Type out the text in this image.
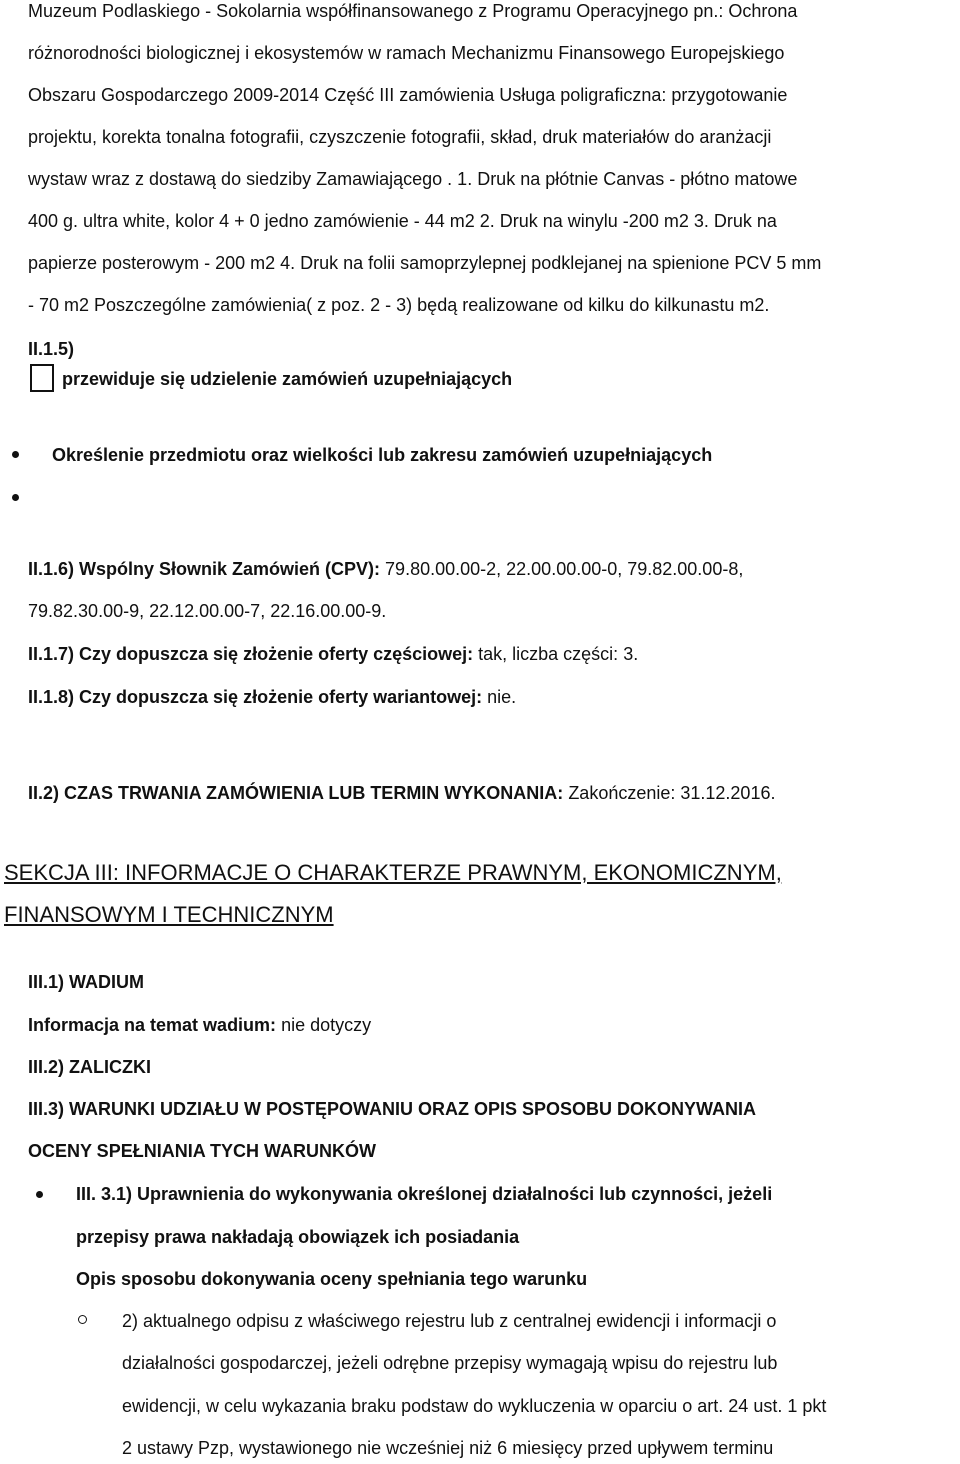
Muzeum Podlaskiego - Sokolarnia współfinansowanego z Programu Operacyjnego pn.: Ochrona
różnorodności biologicznej i ekosystemów w ramach Mechanizmu Finansowego Europejskiego
Obszaru Gospodarczego 2009-2014 Część III zamówienia Usługa poligraficzna: przygotowanie
projektu, korekta tonalna fotografii, czyszczenie fotografii, skład, druk materiałów do aranżacji
wystaw wraz z dostawą do siedziby Zamawiającego . 1. Druk na płótnie Canvas - płótno matowe
400 g. ultra white, kolor 4 + 0 jedno zamówienie - 44 m2 2. Druk na winylu -200 m2 3. Druk na
papierze posterowym - 200 m2 4. Druk na folii samoprzylepnej podklejanej na spienione PCV 5 mm
- 70 m2 Poszczególne zamówienia( z poz. 2 - 3) będą realizowane od kilku do kilkunastu m2.
II.1.5)
przewiduje się udzielenie zamówień uzupełniających
Określenie przedmiotu oraz wielkości lub zakresu zamówień uzupełniających
II.1.6) Wspólny Słownik Zamówień (CPV): 79.80.00.00-2, 22.00.00.00-0, 79.82.00.00-8,
79.82.30.00-9, 22.12.00.00-7, 22.16.00.00-9.
II.1.7) Czy dopuszcza się złożenie oferty częściowej: tak, liczba części: 3.
II.1.8) Czy dopuszcza się złożenie oferty wariantowej: nie.
II.2) CZAS TRWANIA ZAMÓWIENIA LUB TERMIN WYKONANIA: Zakończenie: 31.12.2016.
SEKCJA III: INFORMACJE O CHARAKTERZE PRAWNYM, EKONOMICZNYM,
FINANSOWYM I TECHNICZNYM
III.1) WADIUM
Informacja na temat wadium: nie dotyczy
III.2) ZALICZKI
III.3) WARUNKI UDZIAŁU W POSTĘPOWANIU ORAZ OPIS SPOSOBU DOKONYWANIA
OCENY SPEŁNIANIA TYCH WARUNKÓW
III. 3.1) Uprawnienia do wykonywania określonej działalności lub czynności, jeżeli
przepisy prawa nakładają obowiązek ich posiadania
Opis sposobu dokonywania oceny spełniania tego warunku
2) aktualnego odpisu z właściwego rejestru lub z centralnej ewidencji i informacji o
działalności gospodarczej, jeżeli odrębne przepisy wymagają wpisu do rejestru lub
ewidencji, w celu wykazania braku podstaw do wykluczenia w oparciu o art. 24 ust. 1 pkt
2 ustawy Pzp, wystawionego nie wcześniej niż 6 miesięcy przed upływem terminu
